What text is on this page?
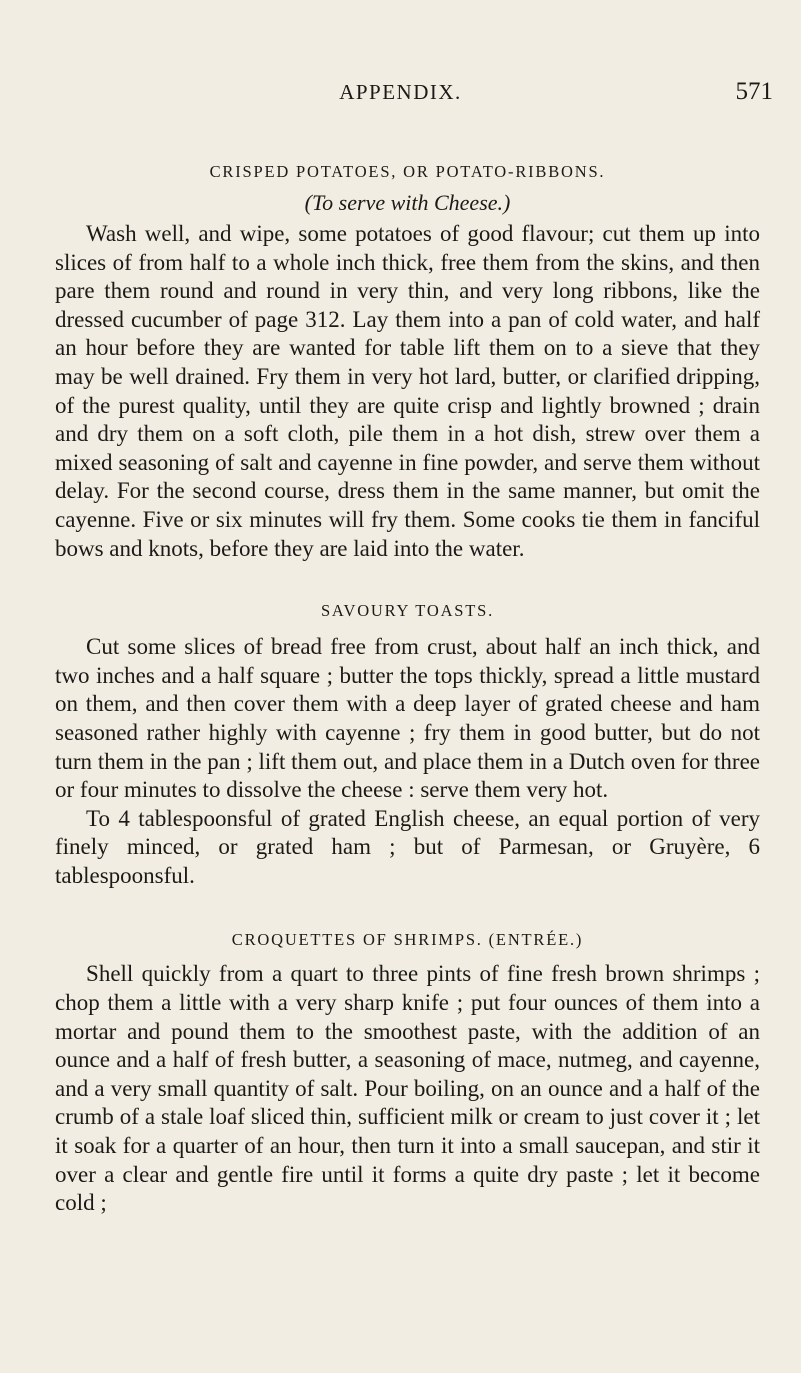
APPENDIX.	571
CRISPED POTATOES, OR POTATO-RIBBONS.

(To serve with Cheese.)

Wash well, and wipe, some potatoes of good flavour; cut them up into slices of from half to a whole inch thick, free them from the skins, and then pare them round and round in very thin, and very long ribbons, like the dressed cucumber of page 312. Lay them into a pan of cold water, and half an hour before they are wanted for table lift them on to a sieve that they may be well drained. Fry them in very hot lard, butter, or clarified dripping, of the purest quality, until they are quite crisp and lightly browned ; drain and dry them on a soft cloth, pile them in a hot dish, strew over them a mixed seasoning of salt and cayenne in fine powder, and serve them without delay. For the second course, dress them in the same manner, but omit the cayenne. Five or six minutes will fry them. Some cooks tie them in fanciful bows and knots, before they are laid into the water.

SAVOURY TOASTS.

Cut some slices of bread free from crust, about half an inch thick, and two inches and a half square ; butter the tops thickly, spread a little mustard on them, and then cover them with a deep layer of grated cheese and ham seasoned rather highly with cayenne ; fry them in good butter, but do not turn them in the pan ; lift them out, and place them in a Dutch oven for three or four minutes to dissolve the cheese : serve them very hot.

To 4 tablespoonsful of grated English cheese, an equal portion of very finely minced, or grated ham ; but of Parmesan, or Gruyère, 6 tablespoonsful.

CROQUETTES OF SHRIMPS. (ENTRÉE.)

Shell quickly from a quart to three pints of fine fresh brown shrimps ; chop them a little with a very sharp knife ; put four ounces of them into a mortar and pound them to the smoothest paste, with the addition of an ounce and a half of fresh butter, a seasoning of mace, nutmeg, and cayenne, and a very small quantity of salt. Pour boiling, on an ounce and a half of the crumb of a stale loaf sliced thin, sufficient milk or cream to just cover it ; let it soak for a quarter of an hour, then turn it into a small saucepan, and stir it over a clear and gentle fire until it forms a quite dry paste ; let it become cold ;
